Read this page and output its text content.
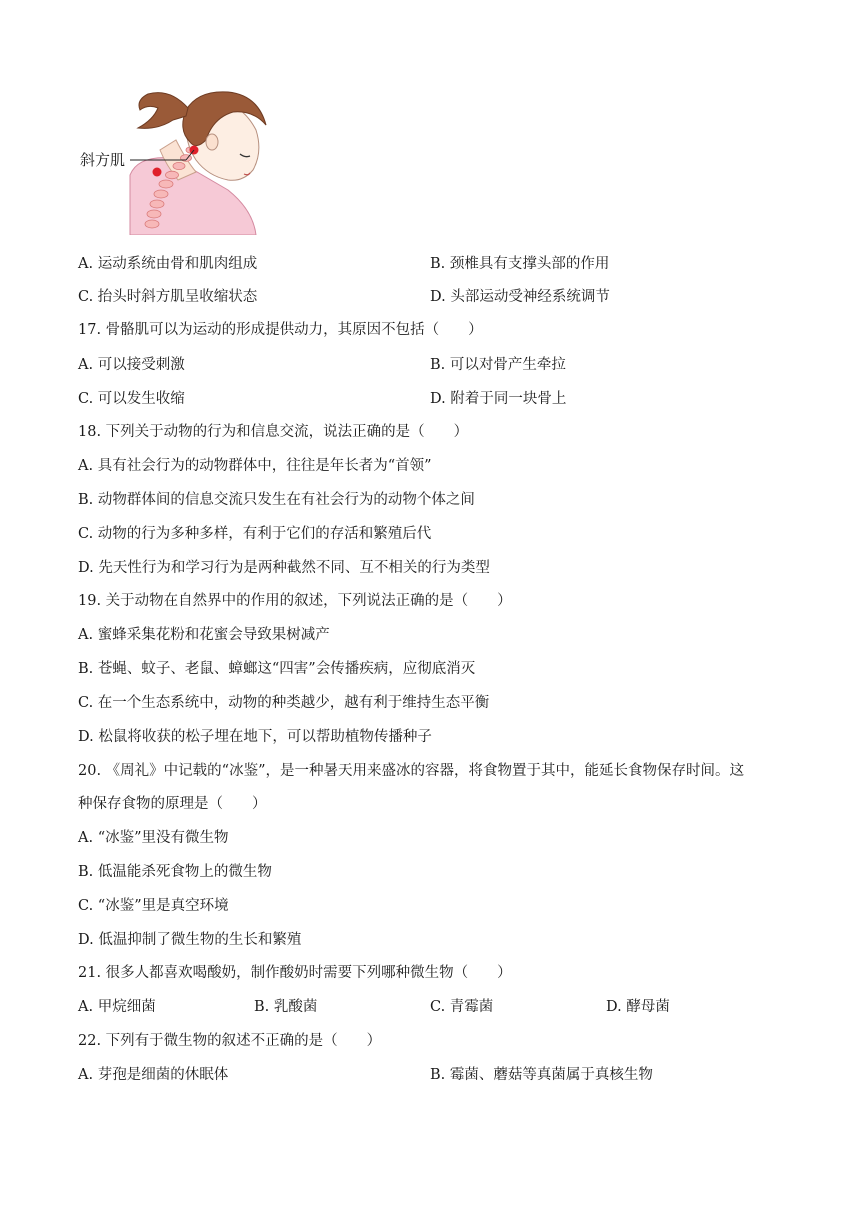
斜方肌
A. 运动系统由骨和肌肉组成	B. 颈椎具有支撑头部的作用
C. 抬头时斜方肌呈收缩状态	D. 头部运动受神经系统调节
17. 骨骼肌可以为运动的形成提供动力，其原因不包括（　　）
A. 可以接受刺激	B. 可以对骨产生牵拉
C. 可以发生收缩	D. 附着于同一块骨上
18. 下列关于动物的行为和信息交流，说法正确的是（　　）
A. 具有社会行为的动物群体中，往往是年长者为“首领”
B. 动物群体间的信息交流只发生在有社会行为的动物个体之间
C. 动物的行为多种多样，有利于它们的存活和繁殖后代
D. 先天性行为和学习行为是两种截然不同、互不相关的行为类型
19. 关于动物在自然界中的作用的叙述，下列说法正确的是（　　）
A. 蜜蜂采集花粉和花蜜会导致果树减产
B. 苍蝇、蚊子、老鼠、蟑螂这“四害”会传播疾病，应彻底消灭
C. 在一个生态系统中，动物的种类越少，越有利于维持生态平衡
D. 松鼠将收获的松子埋在地下，可以帮助植物传播种子
20. 《周礼》中记载的“冰鉴”，是一种暑天用来盛冰的容器，将食物置于其中，能延长食物保存时间。这
种保存食物的原理是（　　）
A. “冰鉴”里没有微生物
B. 低温能杀死食物上的微生物
C. “冰鉴”里是真空环境
D. 低温抑制了微生物的生长和繁殖
21. 很多人都喜欢喝酸奶，制作酸奶时需要下列哪种微生物（　　）
A. 甲烷细菌	B. 乳酸菌	C. 青霉菌	D. 酵母菌
22. 下列有于微生物的叙述不正确的是（　　）
A. 芽孢是细菌的休眠体	B. 霉菌、蘑菇等真菌属于真核生物
